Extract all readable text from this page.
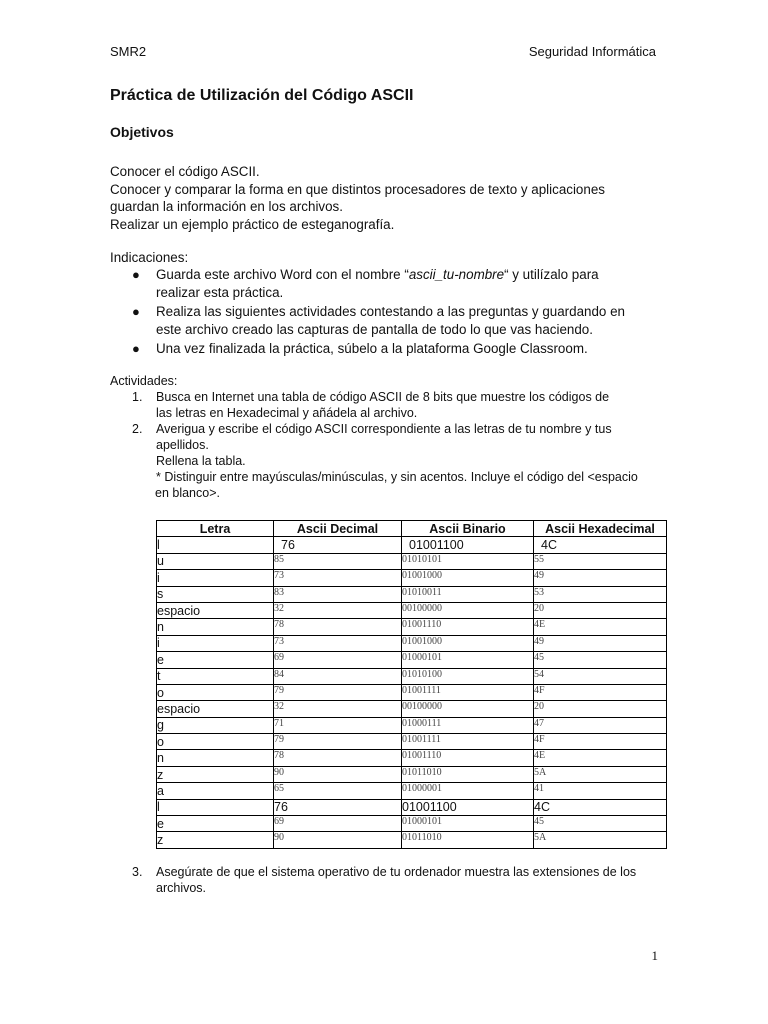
SMR2	Seguridad Informática
Práctica de Utilización del Código ASCII
Objetivos
Conocer el código ASCII.
Conocer y comparar la forma en que distintos procesadores de texto y aplicaciones
guardan la información en los archivos.
Realizar un ejemplo práctico de esteganografía.
Indicaciones:
● Guarda este archivo Word con el nombre “ascii_tu-nombre“ y utilízalo para
realizar esta práctica.
● Realiza las siguientes actividades contestando a las preguntas y guardando en
este archivo creado las capturas de pantalla de todo lo que vas haciendo.
● Una vez finalizada la práctica, súbelo a la plataforma Google Classroom.
Actividades:
1. Busca en Internet una tabla de código ASCII de 8 bits que muestre los códigos de
las letras en Hexadecimal y añádela al archivo.
2. Averigua y escribe el código ASCII correspondiente a las letras de tu nombre y tus
apellidos.
Rellena la tabla.
* Distinguir entre mayúsculas/minúsculas, y sin acentos. Incluye el código del <espacio
en blanco>.
Letra	Ascii Decimal	Ascii Binario	Ascii Hexadecimal
l	76	01001100	4C
u	85	01010101	55
i	73	01001000	49
s	83	01010011	53
espacio	32	00100000	20
n	78	01001110	4E
i	73	01001000	49
e	69	01000101	45
t	84	01010100	54
o	79	01001111	4F
espacio	32	00100000	20
g	71	01000111	47
o	79	01001111	4F
n	78	01001110	4E
z	90	01011010	5A
a	65	01000001	41
l	76	01001100	4C
e	69	01000101	45
z	90	01011010	5A
3. Asegúrate de que el sistema operativo de tu ordenador muestra las extensiones de los
archivos.
1
